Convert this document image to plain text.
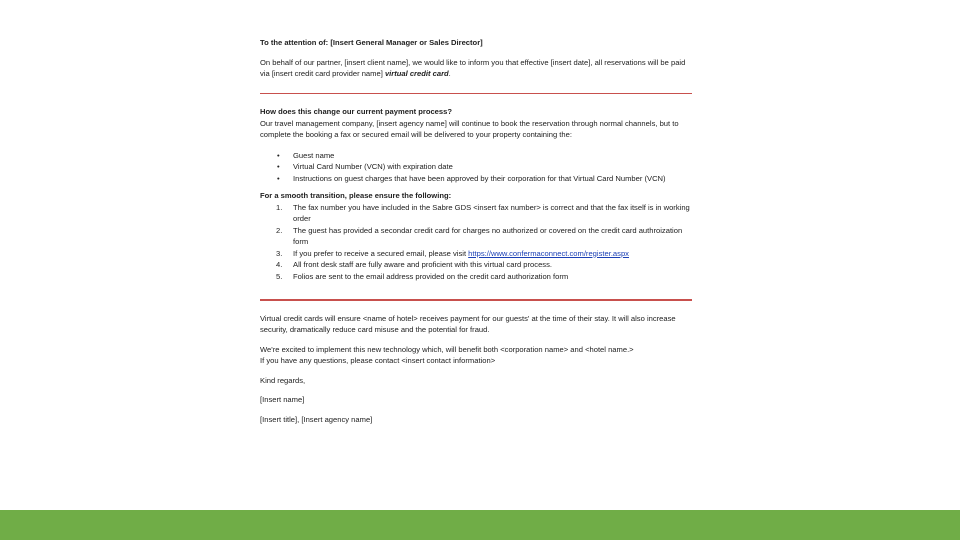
To the attention of: [Insert General Manager or Sales Director]

On behalf of our partner, [insert client name], we would like to inform you that effective [insert date], all reservations will be paid via [insert credit card provider name] virtual credit card.

How does this change our current payment process?

Our travel management company, [insert agency name] will continue to book the reservation through normal channels, but to complete the booking a fax or secured email will be delivered to your property containing the:

• Guest name
• Virtual Card Number (VCN) with expiration date
• Instructions on guest charges that have been approved by their corporation for that Virtual Card Number (VCN)

For a smooth transition, please ensure the following:

1. The fax number you have included in the Sabre GDS <insert fax number> is correct and that the fax itself is in working order
2. The guest has provided a secondar credit card for charges no authorized or covered on the credit card authroization form
3. If you prefer to receive a secured email, please visit https://www.confermaconnect.com/register.aspx
4. All front desk staff are fully aware and proficient with this virtual card process.
5. Folios are sent to the email address provided on the credit card authorization form

Virtual credit cards will ensure <name of hotel> receives payment for our guests' at the time of their stay. It will also increase security, dramatically reduce card misuse and the potential for fraud.

We're excited to implement this new technology which, will benefit both <corporation name> and <hotel name.>

If you have any questions, please contact <insert contact information>

Kind regards,

[Insert name]

[Insert title], [Insert agency name]
